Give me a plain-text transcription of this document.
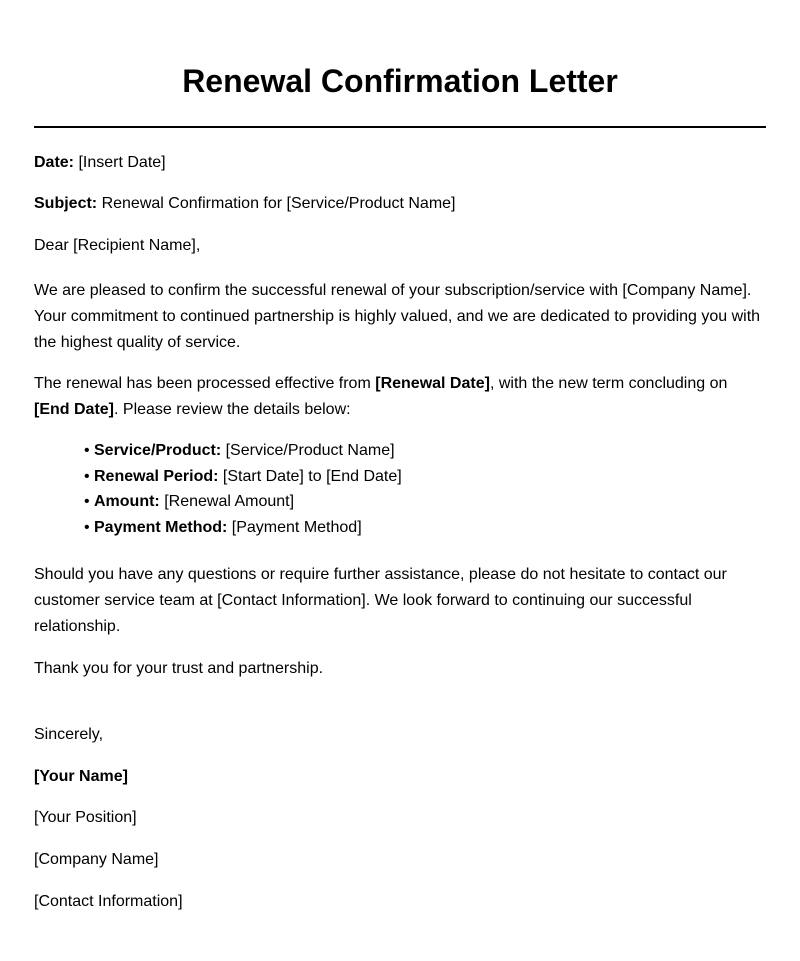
Renewal Confirmation Letter

Date: [Insert Date]

Subject: Renewal Confirmation for [Service/Product Name]

Dear [Recipient Name],

We are pleased to confirm the successful renewal of your subscription/service with [Company Name]. Your commitment to continued partnership is highly valued, and we are dedicated to providing you with the highest quality of service.

The renewal has been processed effective from [Renewal Date], with the new term concluding on [End Date]. Please review the details below:

• Service/Product: [Service/Product Name]
• Renewal Period: [Start Date] to [End Date]
• Amount: [Renewal Amount]
• Payment Method: [Payment Method]

Should you have any questions or require further assistance, please do not hesitate to contact our customer service team at [Contact Information]. We look forward to continuing our successful relationship.

Thank you for your trust and partnership.

Sincerely,

[Your Name]

[Your Position]

[Company Name]

[Contact Information]
